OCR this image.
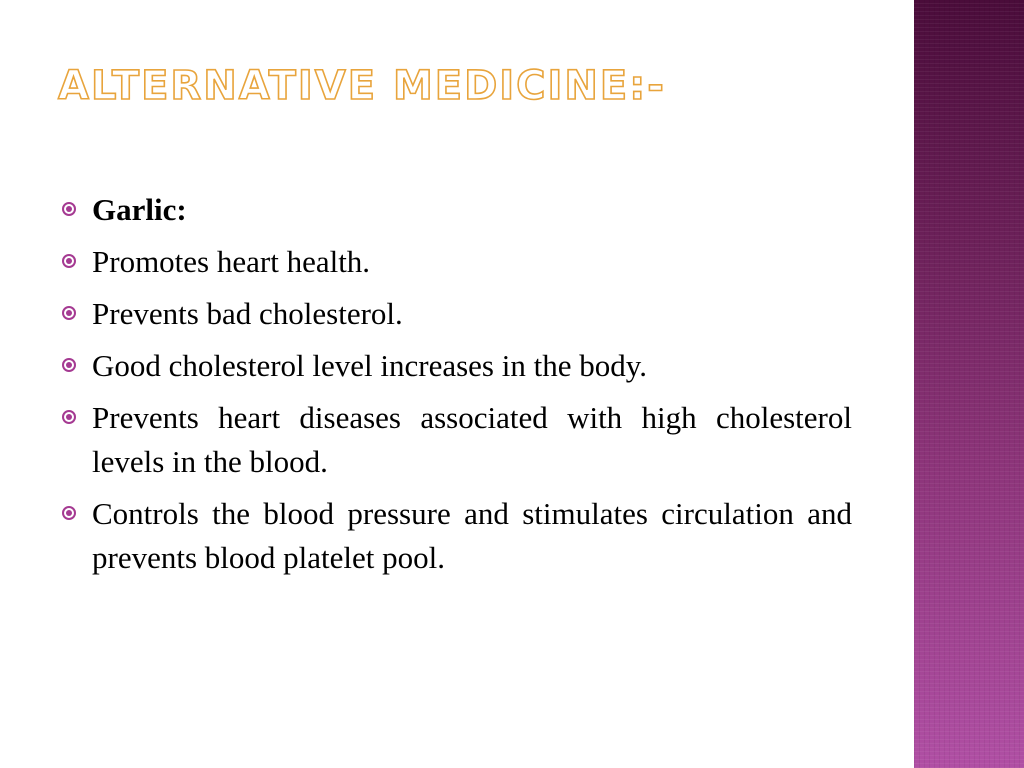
ALTERNATIVE MEDICINE:-
Garlic:
Promotes heart health.
Prevents bad cholesterol.
Good cholesterol level increases in the body.
Prevents heart diseases associated with high cholesterol levels in the blood.
Controls the blood pressure and stimulates circulation and prevents blood platelet pool.
